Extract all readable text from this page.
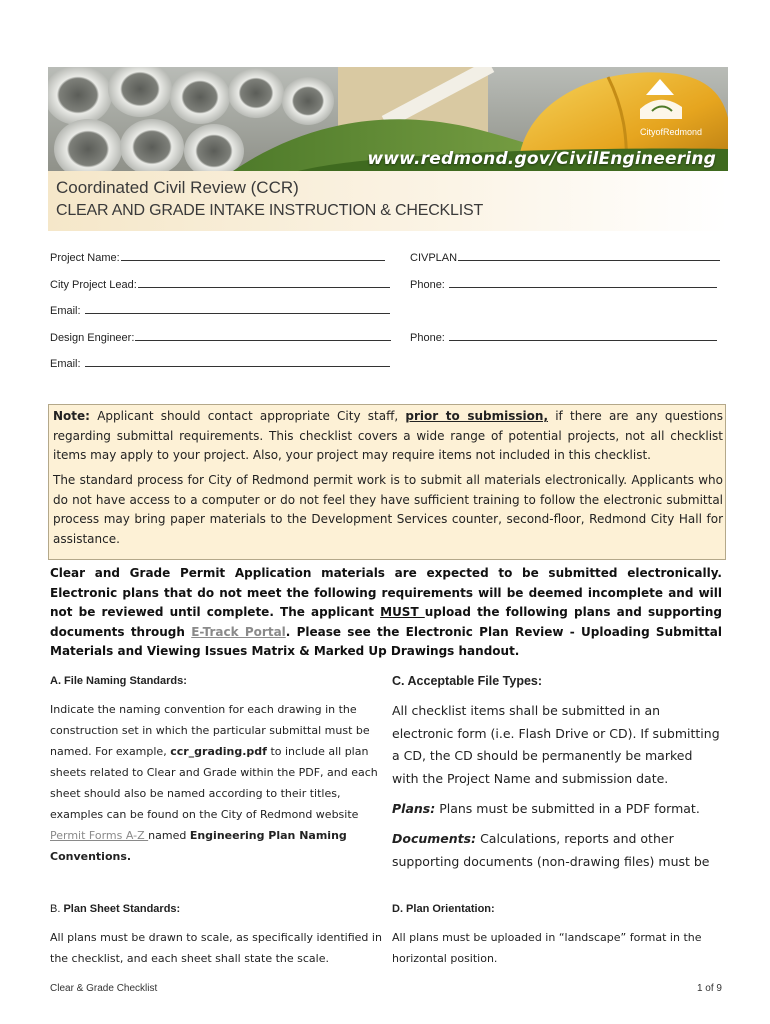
CityofRedmond
www.redmond.gov/CivilEngineering
Coordinated Civil Review (CCR)
CLEAR AND GRADE INTAKE INSTRUCTION & CHECKLIST
Project Name:	CIVPLAN
City Project Lead:	Phone:
Email:
Design Engineer:	Phone:
Email:

Note: Applicant should contact appropriate City staff, prior to submission, if there are any questions regarding submittal requirements. This checklist covers a wide range of potential projects, not all checklist items may apply to your project. Also, your project may require items not included in this checklist.

The standard process for City of Redmond permit work is to submit all materials electronically. Applicants who do not have access to a computer or do not feel they have sufficient training to follow the electronic submittal process may bring paper materials to the Development Services counter, second-floor, Redmond City Hall for assistance.

Clear and Grade Permit Application materials are expected to be submitted electronically. Electronic plans that do not meet the following requirements will be deemed incomplete and will not be reviewed until complete. The applicant MUST upload the following plans and supporting documents through E-Track Portal. Please see the Electronic Plan Review - Uploading Submittal Materials and Viewing Issues Matrix & Marked Up Drawings handout.

A. File Naming Standards:

Indicate the naming convention for each drawing in the construction set in which the particular submittal must be named. For example, ccr_grading.pdf to include all plan sheets related to Clear and Grade within the PDF, and each sheet should also be named according to their titles, examples can be found on the City of Redmond website Permit Forms A-Z named Engineering Plan Naming Conventions.

C. Acceptable File Types:

All checklist items shall be submitted in an electronic form (i.e. Flash Drive or CD). If submitting a CD, the CD should be permanently be marked with the Project Name and submission date.

Plans: Plans must be submitted in a PDF format.

Documents: Calculations, reports and other supporting documents (non-drawing files) must be

B. Plan Sheet Standards:

All plans must be drawn to scale, as specifically identified in the checklist, and each sheet shall state the scale.

D. Plan Orientation:

All plans must be uploaded in “landscape” format in the horizontal position.

Clear & Grade Checklist	1 of 9
